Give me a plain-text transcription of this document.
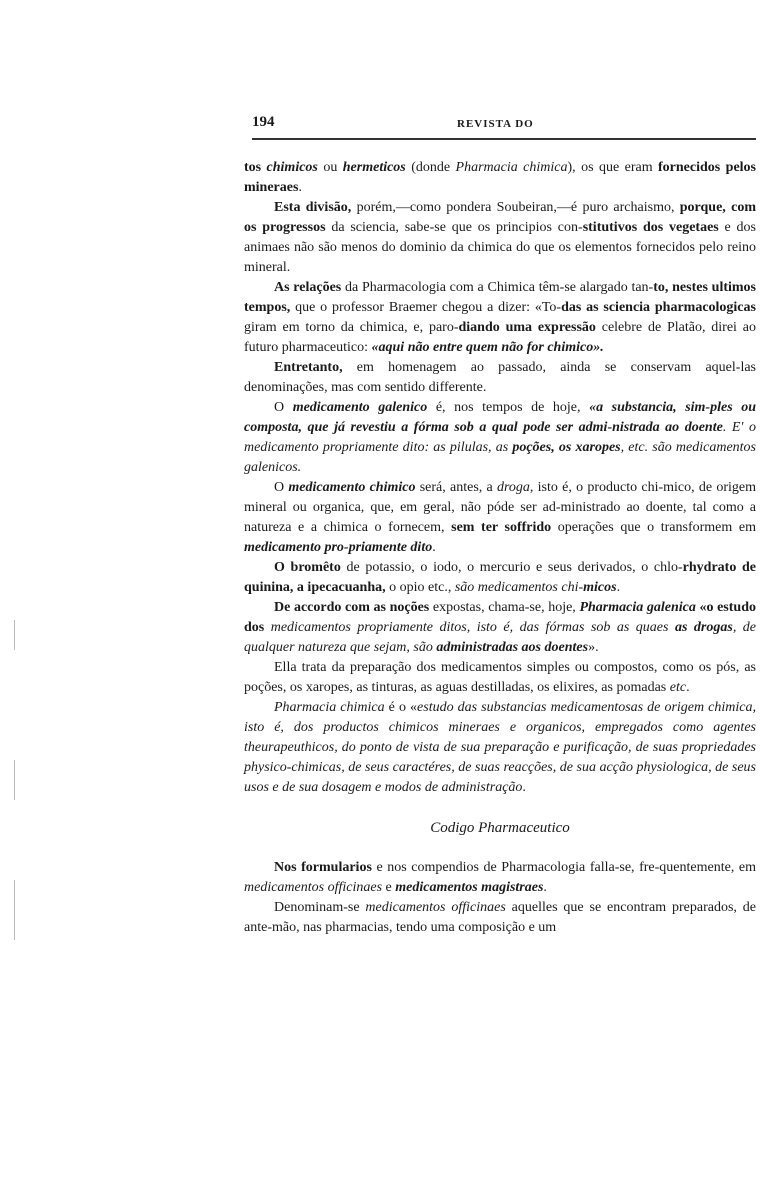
194	REVISTA DO

tos chimicos ou hermeticos (donde Pharmacia chimica), os que eram fornecidos pelos mineraes.

Esta divisão, porém,—como pondera Soubeiran,—é puro archaismo, porque, com os progressos da sciencia, sabe-se que os principios con-stitutivos dos vegetaes e dos animaes não são menos do dominio da chimica do que os elementos fornecidos pelo reino mineral.

As relações da Pharmacologia com a Chimica têm-se alargado tan-to, nestes ultimos tempos, que o professor Braemer chegou a dizer: «To-das as sciencia pharmacologicas giram em torno da chimica, e, paro-diando uma expressão celebre de Platão, direi ao futuro pharmaceutico: «aqui não entre quem não for chimico».

Entretanto, em homenagem ao passado, ainda se conservam aquel-las denominações, mas com sentido differente.

O medicamento galenico é, nos tempos de hoje, «a substancia, sim-ples ou composta, que já revestiu a fórma sob a qual pode ser admi-nistrada ao doente. E' o medicamento propriamente dito: as pilulas, as poções, os xaropes, etc. são medicamentos galenicos.

O medicamento chimico será, antes, a droga, isto é, o producto chi-mico, de origem mineral ou organica, que, em geral, não póde ser ad-ministrado ao doente, tal como a natureza e a chimica o fornecem, sem ter soffrido operações que o transformem em medicamento pro-priamente dito.

O bromêto de potassio, o iodo, o mercurio e seus derivados, o chlo-rhydrato de quinina, a ipecacuanha, o opio etc., são medicamentos chi-micos.

De accordo com as noções expostas, chama-se, hoje, Pharmacia galenica «o estudo dos medicamentos propriamente ditos, isto é, das fórmas sob as quaes as drogas, de qualquer natureza que sejam, são administradas aos doentes».

Ella trata da preparação dos medicamentos simples ou compostos, como os pós, as poções, os xaropes, as tinturas, as aguas destilladas, os elixires, as pomadas etc.

Pharmacia chimica é o «estudo das substancias medicamentosas de origem chimica, isto é, dos productos chimicos mineraes e organicos, empregados como agentes theurapeuthicos, do ponto de vista de sua preparação e purificação, de suas propriedades physico-chimicas, de seus caractéres, de suas reacções, de sua acção physiologica, de seus usos e de sua dosagem e modos de administração.

Codigo Pharmaceutico

Nos formularios e nos compendios de Pharmacologia falla-se, fre-quentemente, em medicamentos officinaes e medicamentos magistraes.

Denominam-se medicamentos officinaes aquelles que se encontram preparados, de ante-mão, nas pharmacias, tendo uma composição e um
